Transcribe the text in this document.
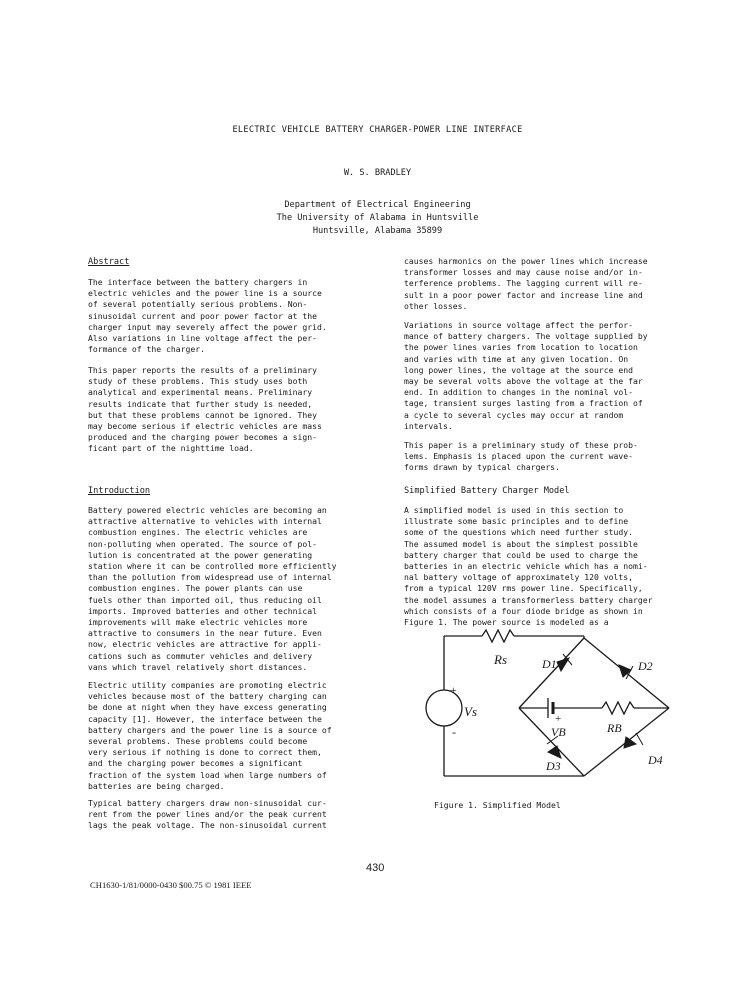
ELECTRIC VEHICLE BATTERY CHARGER-POWER LINE INTERFACE
W. S. BRADLEY
Department of Electrical Engineering
The University of Alabama in Huntsville
Huntsville, Alabama 35899
Abstract
The interface between the battery chargers in
electric vehicles and the power line is a source
of several potentially serious problems. Non-
sinusoidal current and poor power factor at the
charger input may severely affect the power grid.
Also variations in line voltage affect the per-
formance of the charger.
This paper reports the results of a preliminary
study of these problems. This study uses both
analytical and experimental means. Preliminary
results indicate that further study is needed,
but that these problems cannot be ignored. They
may become serious if electric vehicles are mass
produced and the charging power becomes a sign-
ficant part of the nighttime load.
Introduction
Battery powered electric vehicles are becoming an
attractive alternative to vehicles with internal
combustion engines. The electric vehicles are
non-polluting when operated. The source of pol-
lution is concentrated at the power generating
station where it can be controlled more efficiently
than the pollution from widespread use of internal
combustion engines. The power plants can use
fuels other than imported oil, thus reducing oil
imports. Improved batteries and other technical
improvements will make electric vehicles more
attractive to consumers in the near future. Even
now, electric vehicles are attractive for appli-
cations such as commuter vehicles and delivery
vans which travel relatively short distances.
Electric utility companies are promoting electric
vehicles because most of the battery charging can
be done at night when they have excess generating
capacity [1]. However, the interface between the
battery chargers and the power line is a source of
several problems. These problems could become
very serious if nothing is done to correct them,
and the charging power becomes a significant
fraction of the system load when large numbers of
batteries are being charged.
Typical battery chargers draw non-sinusoidal cur-
rent from the power lines and/or the peak current
lags the peak voltage. The non-sinusoidal current
causes harmonics on the power lines which increase
transformer losses and may cause noise and/or in-
terference problems. The lagging current will re-
sult in a poor power factor and increase line and
other losses.
Variations in source voltage affect the perfor-
mance of battery chargers. The voltage supplied by
the power lines varies from location to location
and varies with time at any given location. On
long power lines, the voltage at the source end
may be several volts above the voltage at the far
end. In addition to changes in the nominal vol-
tage, transient surges lasting from a fraction of
a cycle to several cycles may occur at random
intervals.
This paper is a preliminary study of these prob-
lems. Emphasis is placed upon the current wave-
forms drawn by typical chargers.
Simplified Battery Charger Model
A simplified model is used in this section to
illustrate some basic principles and to define
some of the questions which need further study.
The assumed model is about the simplest possible
battery charger that could be used to charge the
batteries in an electric vehicle which has a nomi-
nal battery voltage of approximately 120 volts,
from a typical 120V rms power line. Specifically,
the model assumes a transformerless battery charger
which consists of a four diode bridge as shown in
Figure 1. The power source is modeled as a
Rs	D1	D2
D3	D4
Vs
VB	RB
+
-
+
Figure 1. Simplified Model
430
CH1630-1/81/0000-0430 $00.75 © 1981 IEEE
